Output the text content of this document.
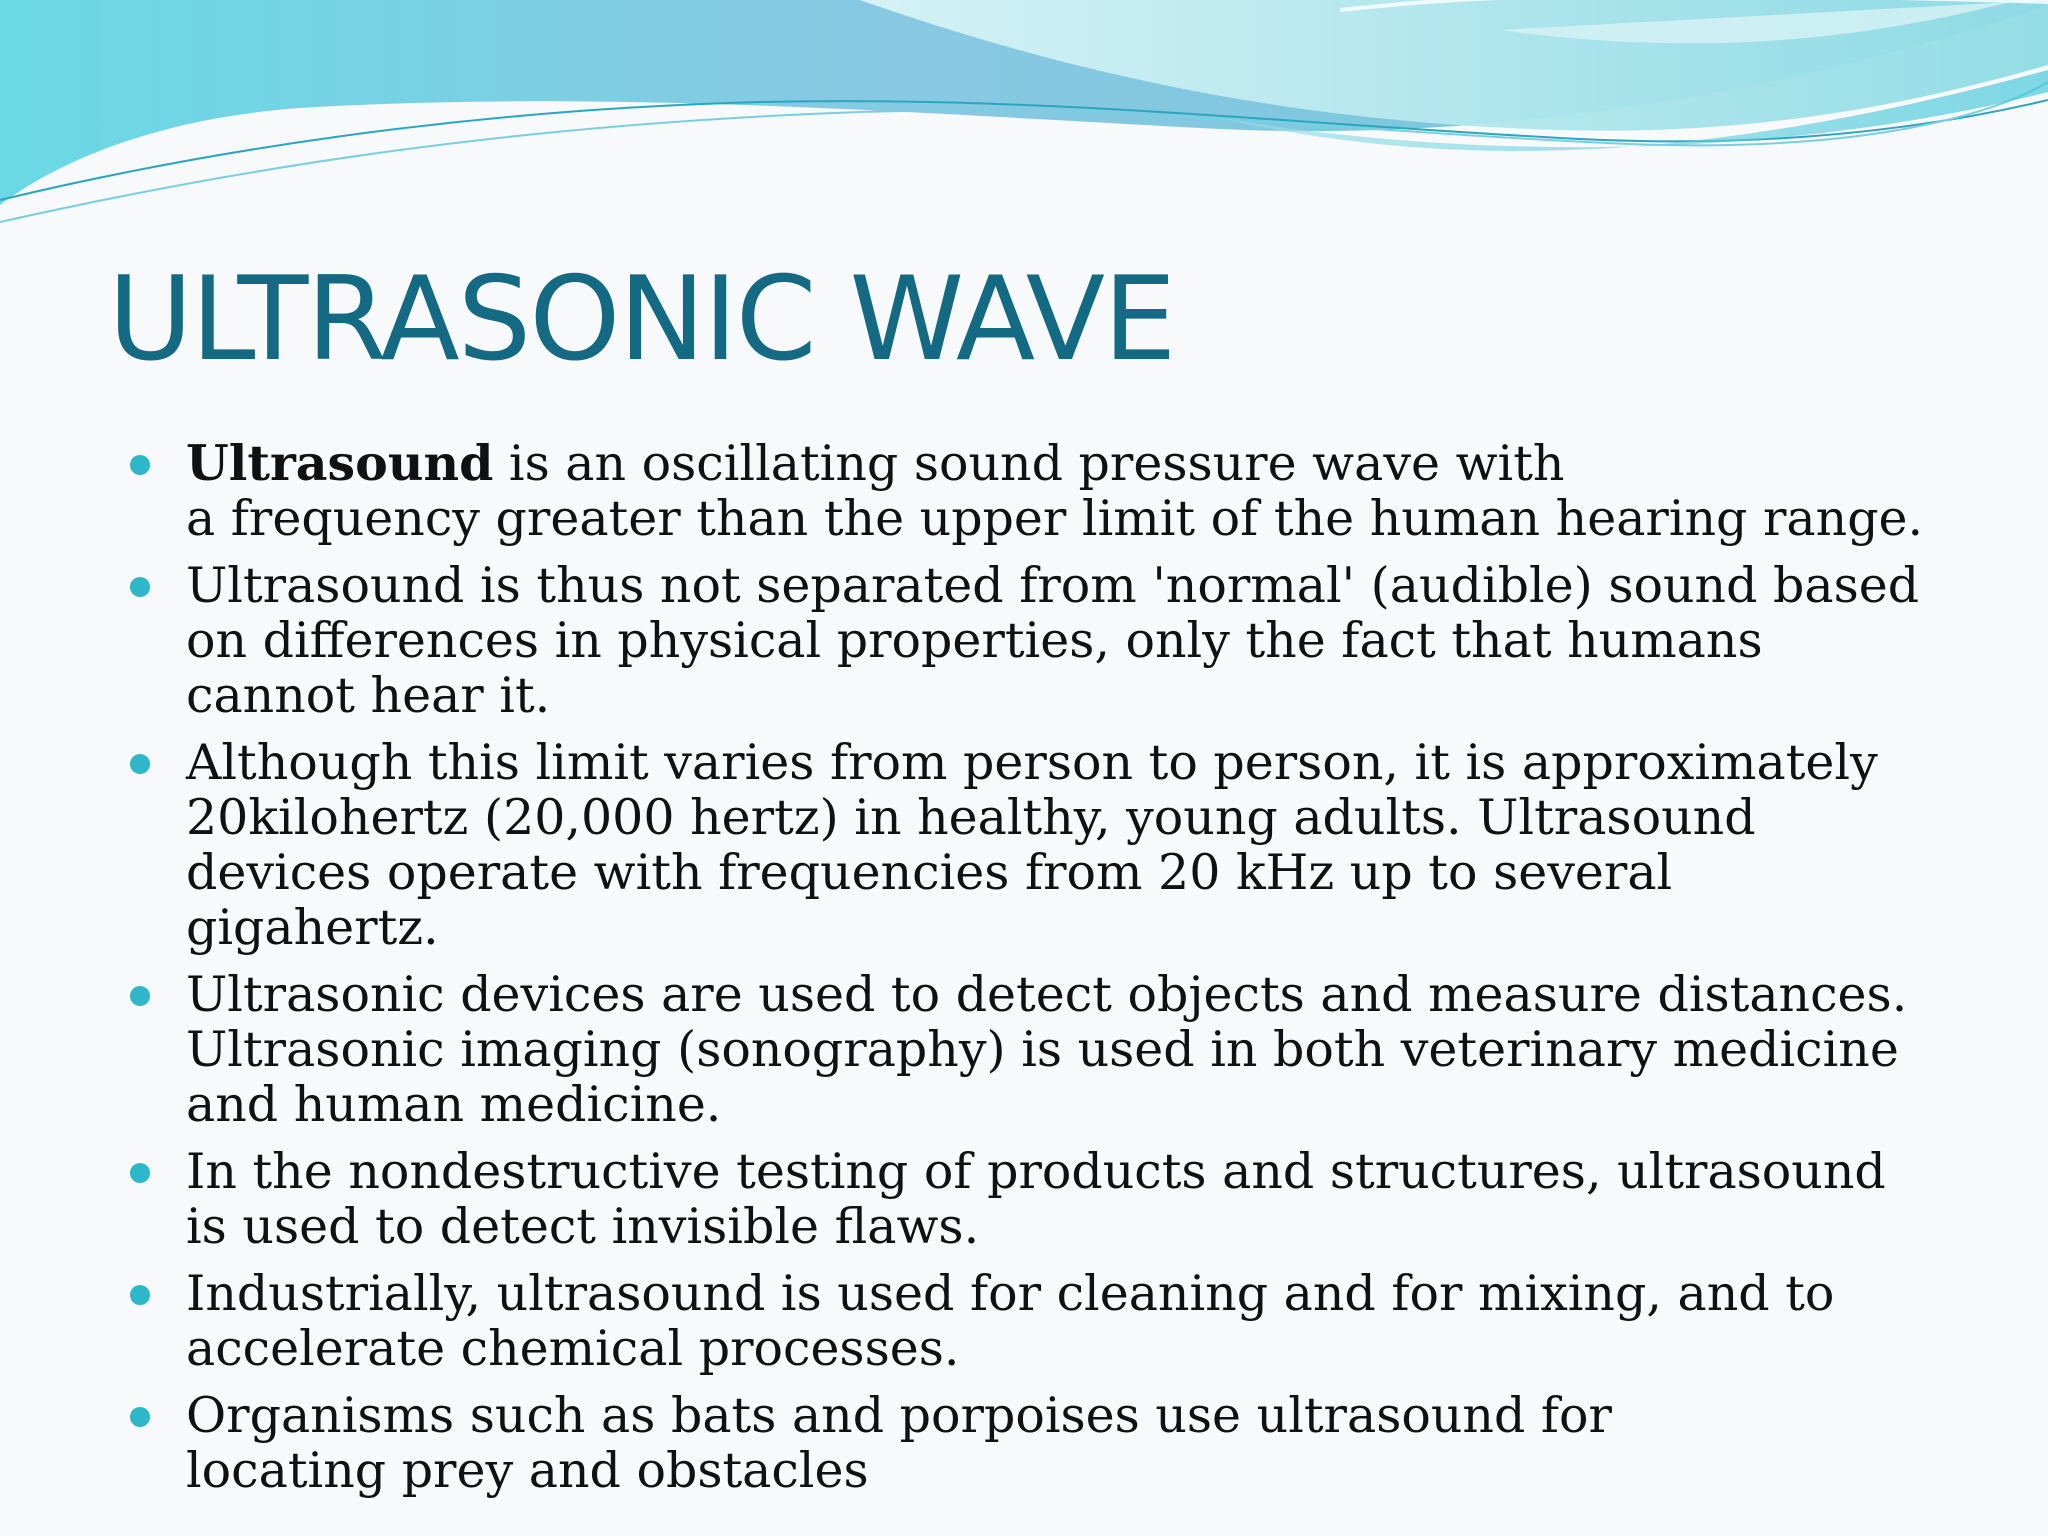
ULTRASONIC WAVE
Ultrasound is an oscillating sound pressure wave with
a frequency greater than the upper limit of the human hearing range.
Ultrasound is thus not separated from 'normal' (audible) sound based on differences in physical properties, only the fact that humans cannot hear it.
Although this limit varies from person to person, it is approximately 20kilohertz (20,000 hertz) in healthy, young adults. Ultrasound devices operate with frequencies from 20 kHz up to several gigahertz.
Ultrasonic devices are used to detect objects and measure distances. Ultrasonic imaging (sonography) is used in both veterinary medicine and human medicine.
In the nondestructive testing of products and structures, ultrasound is used to detect invisible flaws.
Industrially, ultrasound is used for cleaning and for mixing, and to accelerate chemical processes.
Organisms such as bats and porpoises use ultrasound for
locating prey and obstacles
